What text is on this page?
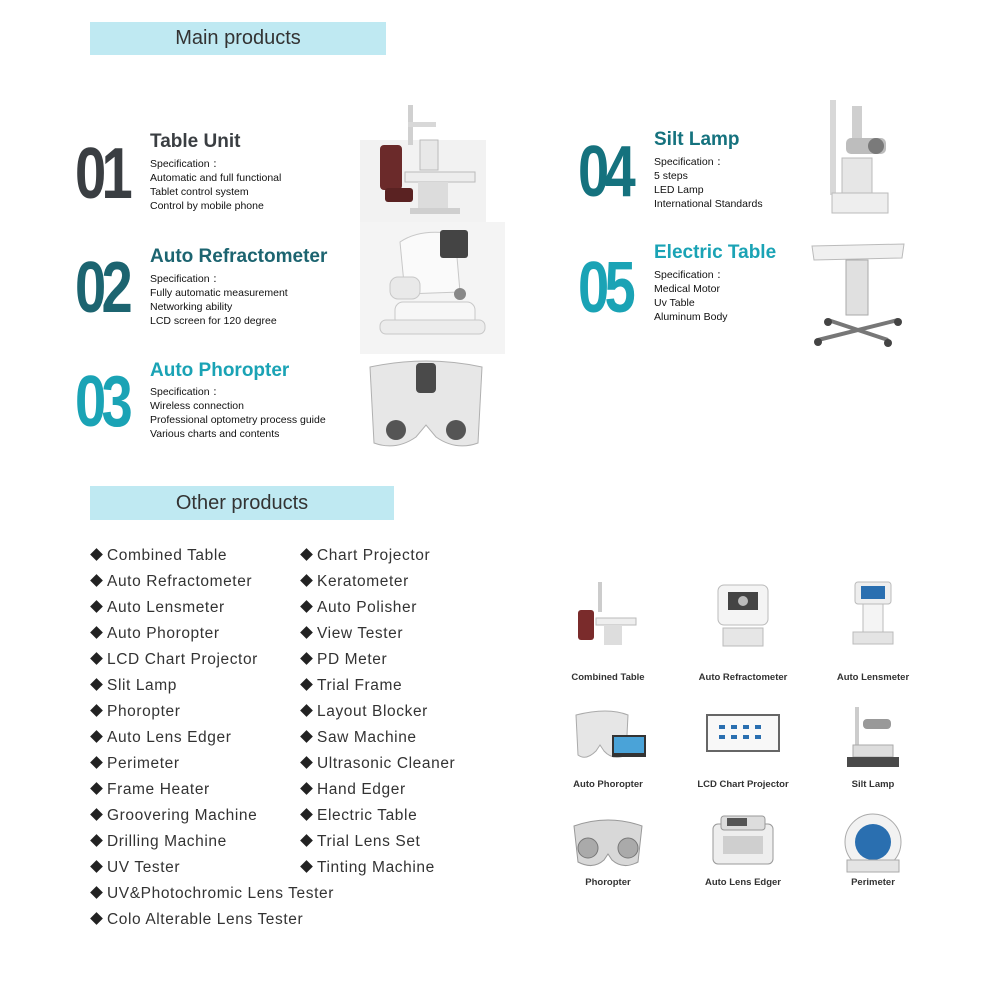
Main products
Other products
01 Table Unit
Specification ：
Automatic and full functional
Tablet control system
Control by mobile phone
02 Auto Refractometer
Specification ：
Fully automatic measurement
Networking ability
LCD screen for 120 degree
03 Auto Phoropter
Specification ：
Wireless connection
Professional optometry process guide
Various charts and contents
04 Silt Lamp
Specification ：
5 steps
LED Lamp
International Standards
05 Electric Table
Specification ：
Medical Motor
Uv Table
Aluminum Body
Combined Table
Auto Refractometer
Auto Lensmeter
Auto Phoropter
LCD Chart Projector
Slit Lamp
Phoropter
Auto Lens Edger
Perimeter
Frame Heater
Groovering Machine
Drilling Machine
UV Tester
UV&Photochromic Lens Tester
Colo Alterable Lens Tester
Chart Projector
Keratometer
Auto Polisher
View Tester
PD Meter
Trial Frame
Layout Blocker
Saw Machine
Ultrasonic Cleaner
Hand Edger
Electric Table
Trial Lens Set
Tinting Machine
Combined Table	Auto Refractometer	Auto Lensmeter
Auto Phoropter	LCD Chart Projector	Silt Lamp
Phoropter	Auto Lens Edger	Perimeter
